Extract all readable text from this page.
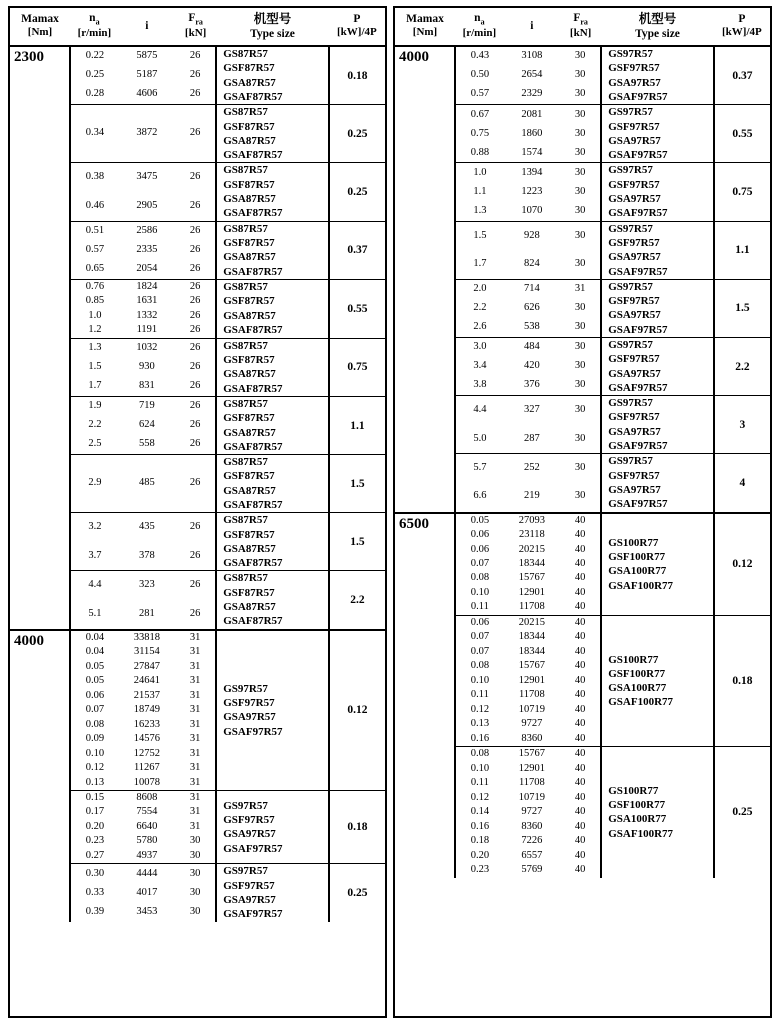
Mamax
[Nm]

$n_a$
[r/min]

i

$F_{ra}$
[kN]

机型号
Type size

P
[kW]/4P

2300	0.22	5875	26	GS87R57
GSF87R57
GSA87R57
GSAF87R57	0.18
	0.25	5187	26		
	0.28	4606	26		

	0.34	3872	26	GS87R57
GSF87R57
GSA87R57
GSAF87R57	0.25

	0.38	3475	26	GS87R57
GSF87R57
GSA87R57
GSAF87R57	0.25
	0.46	2905	26		

	0.51	2586	26	GS87R57
GSF87R57
GSA87R57
GSAF87R57	0.37
	0.57	2335	26		
	0.65	2054	26		

	0.76	1824	26	GS87R57
GSF87R57
GSA87R57
GSAF87R57	0.55
	0.85	1631	26		
	1.0	1332	26		
	1.2	1191	26		
	1.3	1032	26	GS87R57
GSF87R57
GSA87R57
GSAF87R57	0.75
	1.5	930	26		
	1.7	831	26		

	1.9	719	26	GS87R57
GSF87R57
GSA87R57
GSAF87R57	1.1
	2.2	624	26		
	2.5	558	26		

	2.9	485	26	GS87R57
GSF87R57
GSA87R57
GSAF87R57	1.5

	3.2	435	26	GS87R57
GSF87R57
GSA87R57
GSAF87R57	1.5
	3.7	378	26		

	4.4	323	26	GS87R57
GSF87R57
GSA87R57
GSAF87R57	2.2
	5.1	281	26		

4000	0.04	33818	31	GS97R57
GSF97R57
GSA97R57
GSAF97R57	0.12
	0.04	31154	31		
	0.05	27847	31		
	0.05	24641	31		
	0.06	21537	31		
	0.07	18749	31		
	0.08	16233	31		
	0.09	14576	31		
	0.10	12752	31		
	0.12	11267	31		
	0.13	10078	31		
	0.15	8608	31	GS97R57
GSF97R57
GSA97R57
GSAF97R57	0.18
	0.17	7554	31		
	0.20	6640	31		
	0.23	5780	30		
	0.27	4937	30		
	0.30	4444	30	GS97R57
GSF97R57
GSA97R57
GSAF97R57	0.25
	0.33	4017	30		
	0.39	3453	30		

Mamax
[Nm]

$n_a$
[r/min]

i

$F_{ra}$
[kN]

机型号
Type size

P
[kW]/4P

4000	0.43	3108	30	GS97R57
GSF97R57
GSA97R57
GSAF97R57	0.37
	0.50	2654	30		
	0.57	2329	30		

	0.67	2081	30	GS97R57
GSF97R57
GSA97R57
GSAF97R57	0.55
	0.75	1860	30		
	0.88	1574	30		

	1.0	1394	30	GS97R57
GSF97R57
GSA97R57
GSAF97R57	0.75
	1.1	1223	30		
	1.3	1070	30		

	1.5	928	30	GS97R57
GSF97R57
GSA97R57
GSAF97R57	1.1
	1.7	824	30		

	2.0	714	31	GS97R57
GSF97R57
GSA97R57
GSAF97R57	1.5
	2.2	626	30		
	2.6	538	30		

	3.0	484	30	GS97R57
GSF97R57
GSA97R57
GSAF97R57	2.2
	3.4	420	30		
	3.8	376	30		

	4.4	327	30	GS97R57
GSF97R57
GSA97R57
GSAF97R57	3
	5.0	287	30		

	5.7	252	30	GS97R57
GSF97R57
GSA97R57
GSAF97R57	4
	6.6	219	30		

6500	0.05	27093	40	GS100R77
GSF100R77
GSA100R77
GSAF100R77	0.12
	0.06	23118	40		
	0.06	20215	40		
	0.07	18344	40		
	0.08	15767	40		
	0.10	12901	40		
	0.11	11708	40		
	0.06	20215	40	GS100R77
GSF100R77
GSA100R77
GSAF100R77	0.18
	0.07	18344	40		
	0.07	18344	40		
	0.08	15767	40		
	0.10	12901	40		
	0.11	11708	40		
	0.12	10719	40		
	0.13	9727	40		
	0.16	8360	40		
	0.08	15767	40	GS100R77
GSF100R77
GSA100R77
GSAF100R77	0.25
	0.10	12901	40		
	0.11	11708	40		
	0.12	10719	40		
	0.14	9727	40		
	0.16	8360	40		
	0.18	7226	40		
	0.20	6557	40		
	0.23	5769	40		
